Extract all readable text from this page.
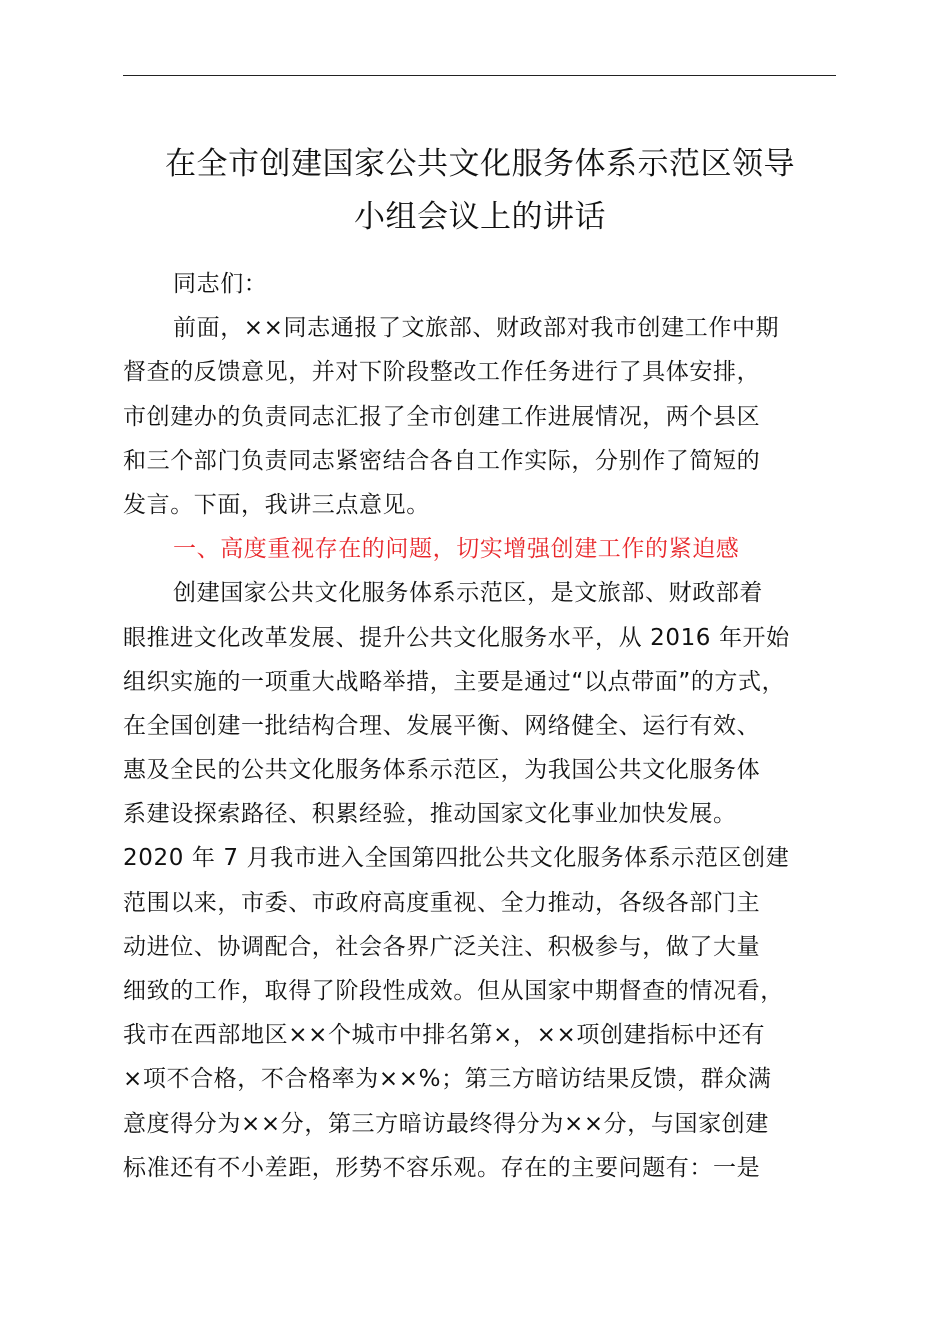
在全市创建国家公共文化服务体系示范区领导
小组会议上的讲话
同志们：
前面，××同志通报了文旅部、财政部对我市创建工作中期
督查的反馈意见，并对下阶段整改工作任务进行了具体安排，
市创建办的负责同志汇报了全市创建工作进展情况，两个县区
和三个部门负责同志紧密结合各自工作实际，分别作了简短的
发言。下面，我讲三点意见。
一、高度重视存在的问题，切实增强创建工作的紧迫感
创建国家公共文化服务体系示范区，是文旅部、财政部着
眼推进文化改革发展、提升公共文化服务水平，从 2016 年开始
组织实施的一项重大战略举措，主要是通过“以点带面”的方式，
在全国创建一批结构合理、发展平衡、网络健全、运行有效、
惠及全民的公共文化服务体系示范区，为我国公共文化服务体
系建设探索路径、积累经验，推动国家文化事业加快发展。
2020 年 7 月我市进入全国第四批公共文化服务体系示范区创建
范围以来，市委、市政府高度重视、全力推动，各级各部门主
动进位、协调配合，社会各界广泛关注、积极参与，做了大量
细致的工作，取得了阶段性成效。但从国家中期督查的情况看，
我市在西部地区××个城市中排名第×，××项创建指标中还有
×项不合格，不合格率为××%；第三方暗访结果反馈，群众满
意度得分为××分，第三方暗访最终得分为××分，与国家创建
标准还有不小差距，形势不容乐观。存在的主要问题有：一是
